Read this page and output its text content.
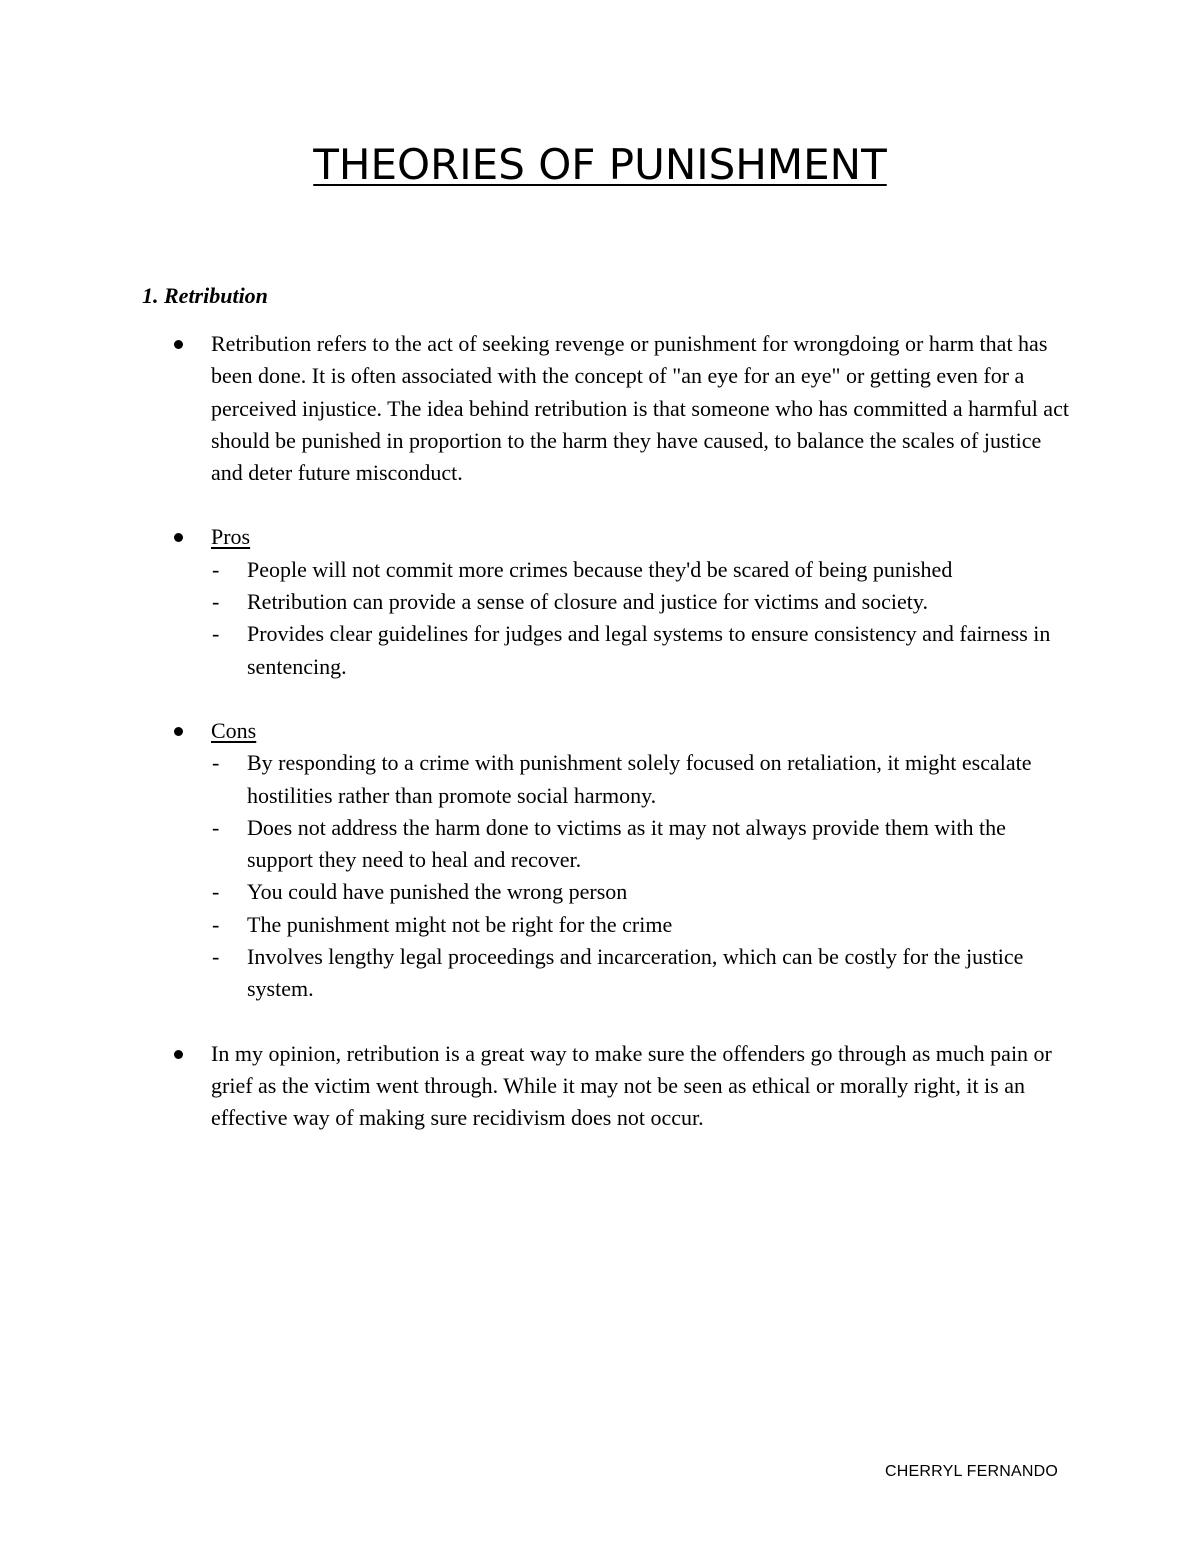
THEORIES OF PUNISHMENT
1. Retribution
Retribution refers to the act of seeking revenge or punishment for wrongdoing or harm that has been done. It is often associated with the concept of "an eye for an eye" or getting even for a perceived injustice. The idea behind retribution is that someone who has committed a harmful act should be punished in proportion to the harm they have caused, to balance the scales of justice and deter future misconduct.
Pros
- People will not commit more crimes because they'd be scared of being punished
- Retribution can provide a sense of closure and justice for victims and society.
- Provides clear guidelines for judges and legal systems to ensure consistency and fairness in sentencing.
Cons
- By responding to a crime with punishment solely focused on retaliation, it might escalate hostilities rather than promote social harmony.
- Does not address the harm done to victims as it may not always provide them with the support they need to heal and recover.
- You could have punished the wrong person
- The punishment might not be right for the crime
- Involves lengthy legal proceedings and incarceration, which can be costly for the justice system.
In my opinion, retribution is a great way to make sure the offenders go through as much pain or grief as the victim went through. While it may not be seen as ethical or morally right, it is an effective way of making sure recidivism does not occur.
CHERRYL FERNANDO
